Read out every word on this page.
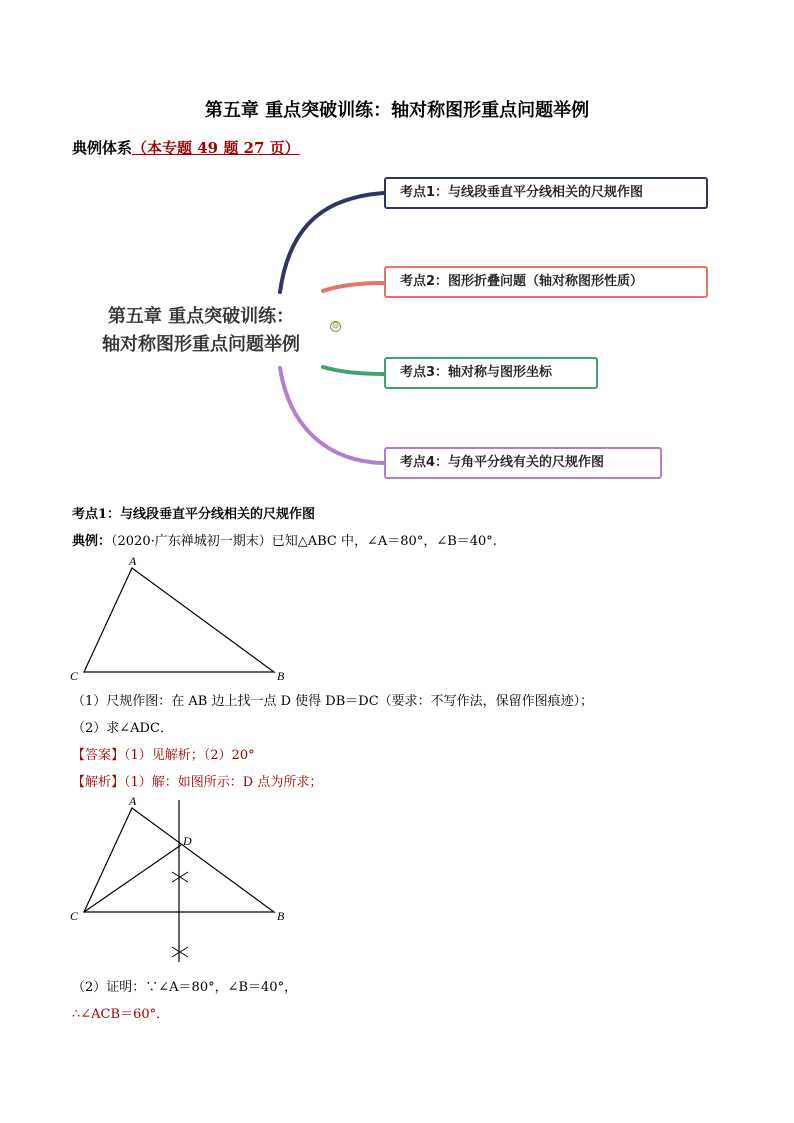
第五章 重点突破训练：轴对称图形重点问题举例
典例体系（本专题 49 题 27 页）
第五章 重点突破训练：
轴对称图形重点问题举例
⊖
考点1：与线段垂直平分线相关的尺规作图
考点2：图形折叠问题（轴对称图形性质）
考点3：轴对称与图形坐标
考点4：与角平分线有关的尺规作图
考点1：与线段垂直平分线相关的尺规作图
典例：（2020·广东禅城初一期末）已知△ABC 中，∠A＝80°，∠B＝40°.
A
C	B
（1）尺规作图：在 AB 边上找一点 D 使得 DB＝DC（要求：不写作法，保留作图痕迹）；
（2）求∠ADC．
【答案】（1）见解析；（2）20°
【解析】（1）解：如图所示：D 点为所求；
A
C	B
D
（2）证明：∵∠A＝80°，∠B＝40°，
∴∠ACB＝60°．
